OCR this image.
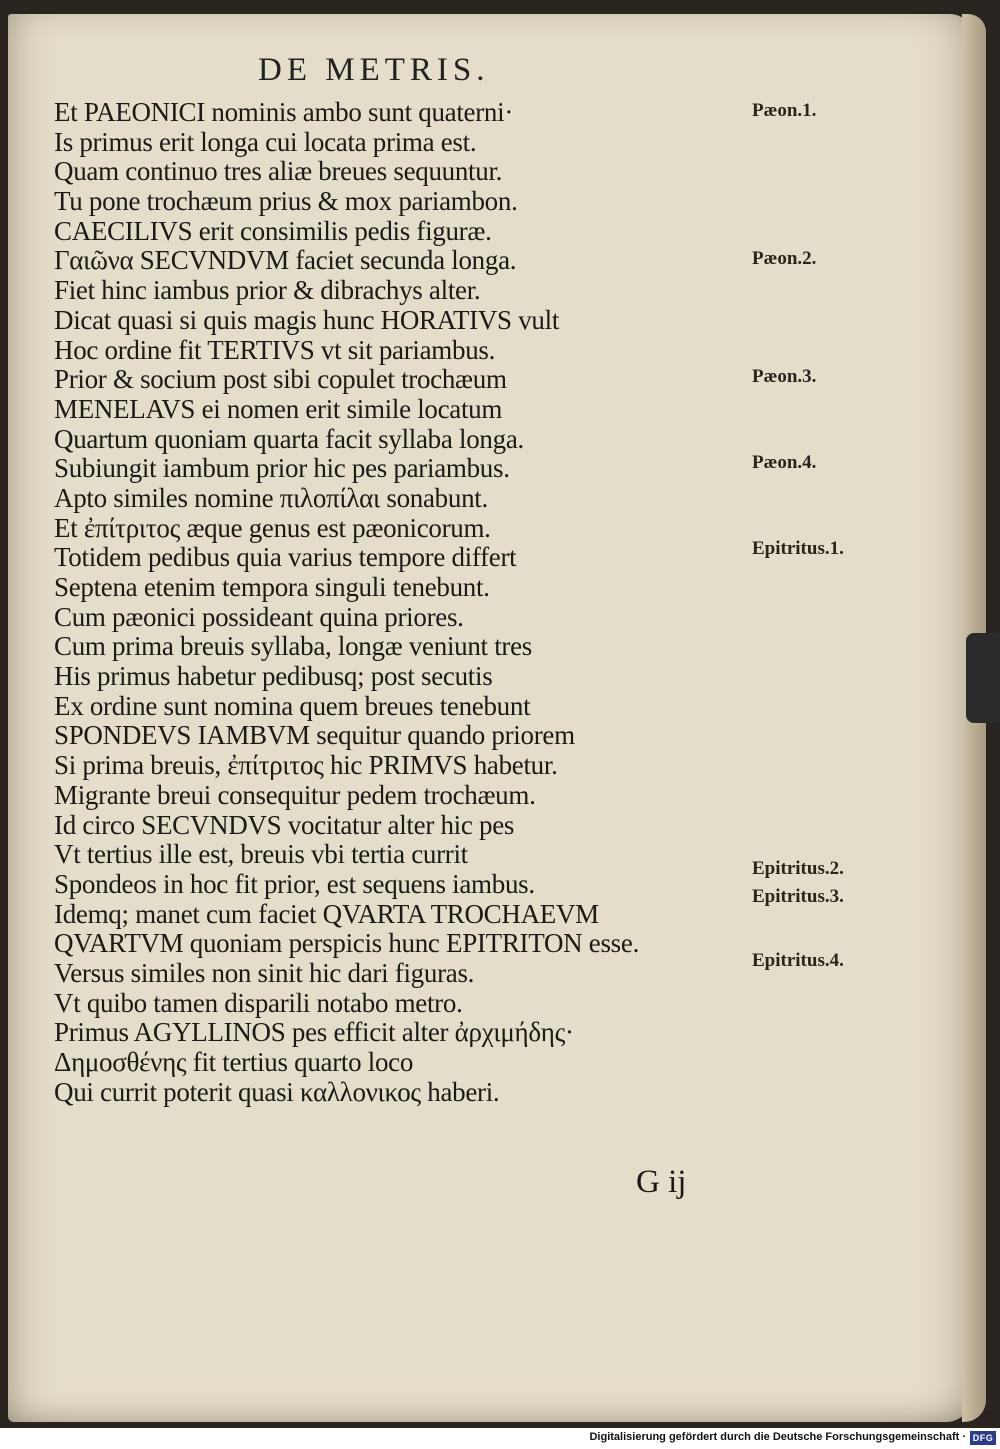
DE METRIS.
Et PAEONICI nominis ambo sunt quaterni·
Is primus erit longa cui locata prima est.
Quam continuo tres aliæ breues sequuntur.
Tu pone trochæum prius & mox pariambon.
CAECILIVS erit consimilis pedis figuræ.
Γαιῶνα SECVNDVM faciet secunda longa.
Fiet hinc iambus prior & dibrachys alter.
Dicat quasi si quis magis hunc HORATIVS vult
Hoc ordine fit TERTIVS vt sit pariambus.
Prior & socium post sibi copulet trochæum
MENELAVS ei nomen erit simile locatum
Quartum quoniam quarta facit syllaba longa.
Subiungit iambum prior hic pes pariambus.
Apto similes nomine πιλοπίλαι sonabunt.
Et ἐπίτριτος æque genus est pæonicorum.
Totidem pedibus quia varius tempore differt
Septena etenim tempora singuli tenebunt.
Cum pæonici possideant quina priores.
Cum prima breuis syllaba, longæ veniunt tres
His primus habetur pedibusq; post secutis
Ex ordine sunt nomina quem breues tenebunt
SPONDEVS IAMBVM sequitur quando priorem
Si prima breuis, ἐπίτριτος hic PRIMVS habetur.
Migrante breui consequitur pedem trochæum.
Id circo SECVNDVS vocitatur alter hic pes
Vt tertius ille est, breuis vbi tertia currit
Spondeos in hoc fit prior, est sequens iambus.
Idemq; manet cum faciet QVARTA TROCHAEVM
QVARTVM quoniam perspicis hunc EPITRITON esse.
Versus similes non sinit hic dari figuras.
Vt quibo tamen disparili notabo metro.
Primus AGYLLINOS pes efficit alter ἀρχιμήδης·
Δημοσθένης fit tertius quarto loco
Qui currit poterit quasi καλλονικος haberi.
Pæon.1.
Pæon.2.
Pæon.3.
Pæon.4.
Epitritus.1.
Epitritus.2.
Epitritus.3.
Epitritus.4.
G ij
Digitalisierung gefördert durch die Deutsche Forschungsgemeinschaft · DFG
